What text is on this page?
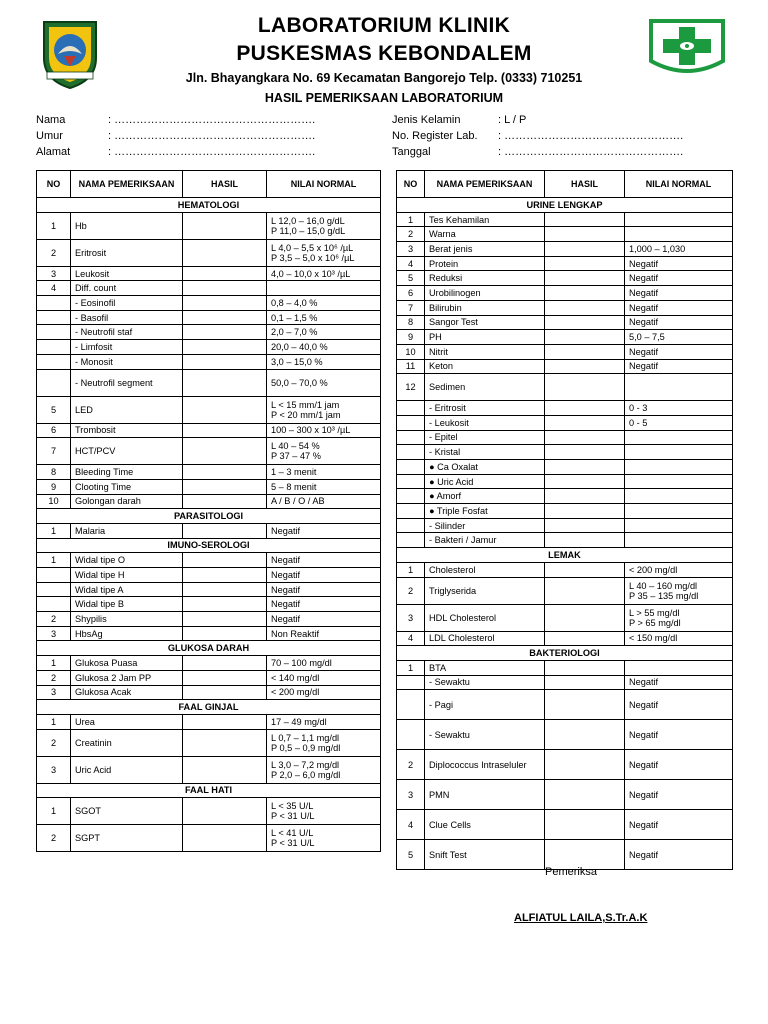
LABORATORIUM KLINIK
PUSKESMAS KEBONDALEM
Jln. Bhayangkara No. 69 Kecamatan Bangorejo Telp. (0333) 710251
HASIL PEMERIKSAAN LABORATORIUM
Nama	: ……………………………………………….
Umur	: ……………………………………………….
Alamat	: ……………………………………………….
Jenis Kelamin	: L / P
No. Register Lab.	: ………………………………………….
Tanggal	: ………………………………………….
NO	NAMA PEMERIKSAAN	HASIL	NILAI NORMAL
HEMATOLOGI			
1	Hb		L 12,0 – 16,0 g/dL
P 11,0 – 15,0 g/dL

2	Eritrosit		L 4,0 – 5,5 x 10⁶ /µL
P 3,5 – 5,0 x 10⁶ /µL

3	Leukosit		4,0 – 10,0 x 10³ /µL

4	Diff. count		
	- Eosinofil		0,8 – 4,0 %

	- Basofil		0,1 – 1,5 %

	- Neutrofil staf		2,0 – 7,0 %

	- Limfosit		20,0 – 40,0 %

	- Monosit		3,0 – 15,0 %

	- Neutrofil segment		50,0 – 70,0 %

5	LED		L < 15 mm/1 jam
P < 20 mm/1 jam

6	Trombosit		100 – 300 x 10³ /µL

7	HCT/PCV		L 40 – 54 %
P 37 – 47 %

8	Bleeding Time		1 – 3 menit

9	Clooting Time		5 – 8 menit

10	Golongan darah		A / B / O / AB

PARASITOLOGI			
1	Malaria		Negatif

IMUNO-SEROLOGI			
1	Widal tipe O		Negatif

	Widal tipe H		Negatif

	Widal tipe A		Negatif

	Widal tipe B		Negatif

2	Shypilis		Negatif

3	HbsAg		Non Reaktif

GLUKOSA DARAH			
1	Glukosa Puasa		70 – 100 mg/dl

2	Glukosa 2 Jam PP		< 140 mg/dl

3	Glukosa Acak		< 200 mg/dl

FAAL GINJAL			
1	Urea		17 – 49 mg/dl

2	Creatinin		L 0,7 – 1,1 mg/dl
P 0,5 – 0,9 mg/dl

3	Uric Acid		L 3,0 – 7,2 mg/dl
P 2,0 – 6,0 mg/dl

FAAL HATI			
1	SGOT		L < 35 U/L
P < 31 U/L

2	SGPT		L < 41 U/L
P < 31 U/L
NO	NAMA PEMERIKSAAN	HASIL	NILAI NORMAL
URINE LENGKAP			
1	Tes Kehamilan		
2	Warna		
3	Berat jenis		1,000 – 1,030

4	Protein		Negatif

5	Reduksi		Negatif

6	Urobilinogen		Negatif

7	Bilirubin		Negatif

8	Sangor Test		Negatif

9	PH		5,0 – 7,5

10	Nitrit		Negatif

11	Keton		Negatif

12	Sedimen		
	- Eritrosit		0 - 3

	- Leukosit		0 - 5

	- Epitel		
	- Kristal		
	● Ca Oxalat		
	● Uric Acid		
	● Amorf		
	● Triple Fosfat		
	- Silinder		
	- Bakteri / Jamur		
LEMAK			
1	Cholesterol		< 200 mg/dl

2	Triglyserida		L 40 – 160 mg/dl
P 35 – 135 mg/dl

3	HDL Cholesterol		L > 55 mg/dl
P > 65 mg/dl

4	LDL Cholesterol		< 150 mg/dl

BAKTERIOLOGI			
1	BTA		
	- Sewaktu		Negatif

	- Pagi		Negatif

	- Sewaktu		Negatif

2	Diplococcus Intraseluler		Negatif

3	PMN		Negatif

4	Clue Cells		Negatif

5	Snift Test		Negatif
Pemeriksa
ALFIATUL LAILA,S.Tr.A.K
